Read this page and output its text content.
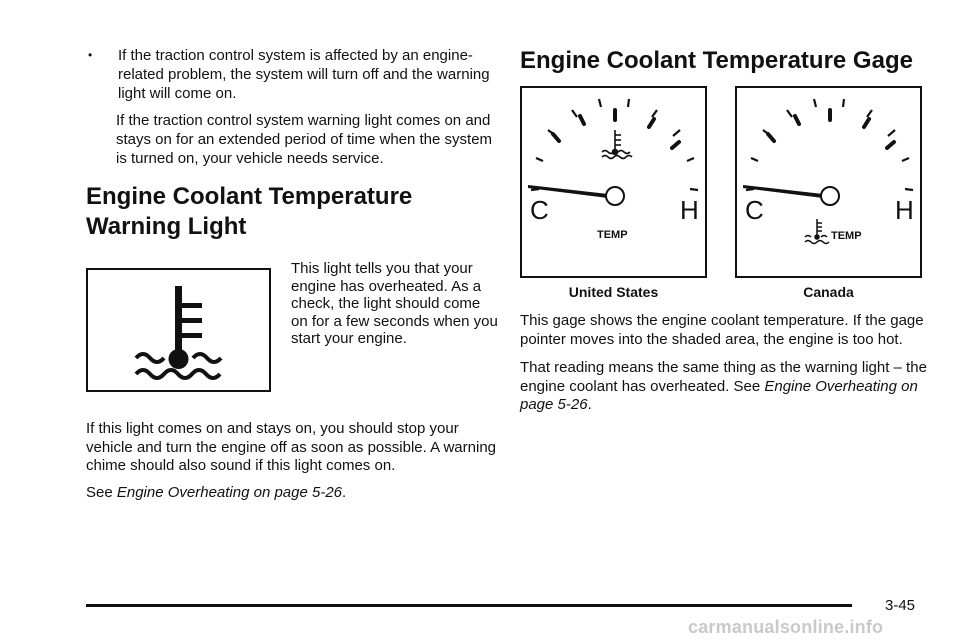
•	If the traction control system is affected by an engine-related problem, the system will turn off and the warning light will come on.
If the traction control system warning light comes on and stays on for an extended period of time when the system is turned on, your vehicle needs service.
Engine Coolant Temperature
Warning Light
This light tells you that your engine has overheated. As a check, the light should come on for a few seconds when you start your engine.
If this light comes on and stays on, you should stop your vehicle and turn the engine off as soon as possible. A warning chime should also sound if this light comes on.
See Engine Overheating on page 5-26.
Engine Coolant Temperature Gage
C	H
TEMP
C	H
TEMP
United States	Canada
This gage shows the engine coolant temperature. If the gage pointer moves into the shaded area, the engine is too hot.
That reading means the same thing as the warning light – the engine coolant has overheated. See Engine Overheating on page 5-26.
3-45
carmanualsonline.info
